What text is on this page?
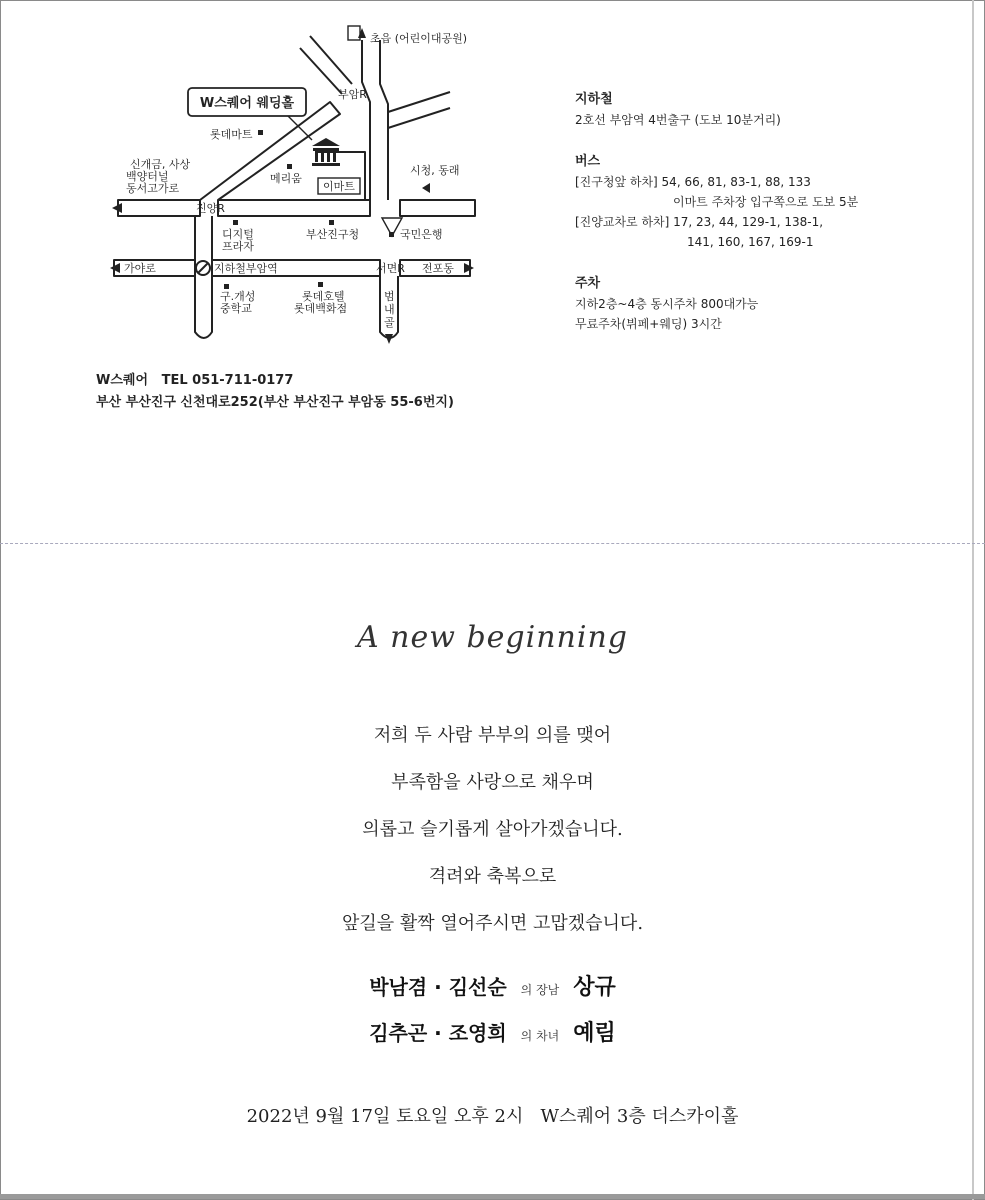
W스퀘어 웨딩홀
이마트
초읍 (어린이대공원)
부암R
롯데마트
메리움
신개금, 사상
백양터널
동서고가로
진양R
시청, 동래
디지털
프라자
부산진구청	국민은행
가야로	지하철부암역	서면R 전포동
구.개성
중학교
롯데호텔
롯데백화점
범
내
골
지하철
2호선 부암역 4번출구 (도보 10분거리)
버스
[진구청앞 하차] 54, 66, 81, 83-1, 88, 133
이마트 주차장 입구쪽으로 도보 5분
[진양교차로 하차] 17, 23, 44, 129-1, 138-1,
141, 160, 167, 169-1
주차
지하2층~4층 동시주차 800대가능
무료주차(뷔페+웨딩) 3시간
W스퀘어   TEL 051-711-0177
부산 부산진구 신천대로252(부산 부산진구 부암동 55-6번지)
A new beginning
저희 두 사람 부부의 의를 맺어
부족함을 사랑으로 채우며
의롭고 슬기롭게 살아가겠습니다.
격려와 축복으로
앞길을 활짝 열어주시면 고맙겠습니다.
박남겸 · 김선순 의 장남 상규
김추곤 · 조영희 의 차녀 예림
2022년 9월 17일 토요일 오후 2시   W스퀘어 3층 더스카이홀
